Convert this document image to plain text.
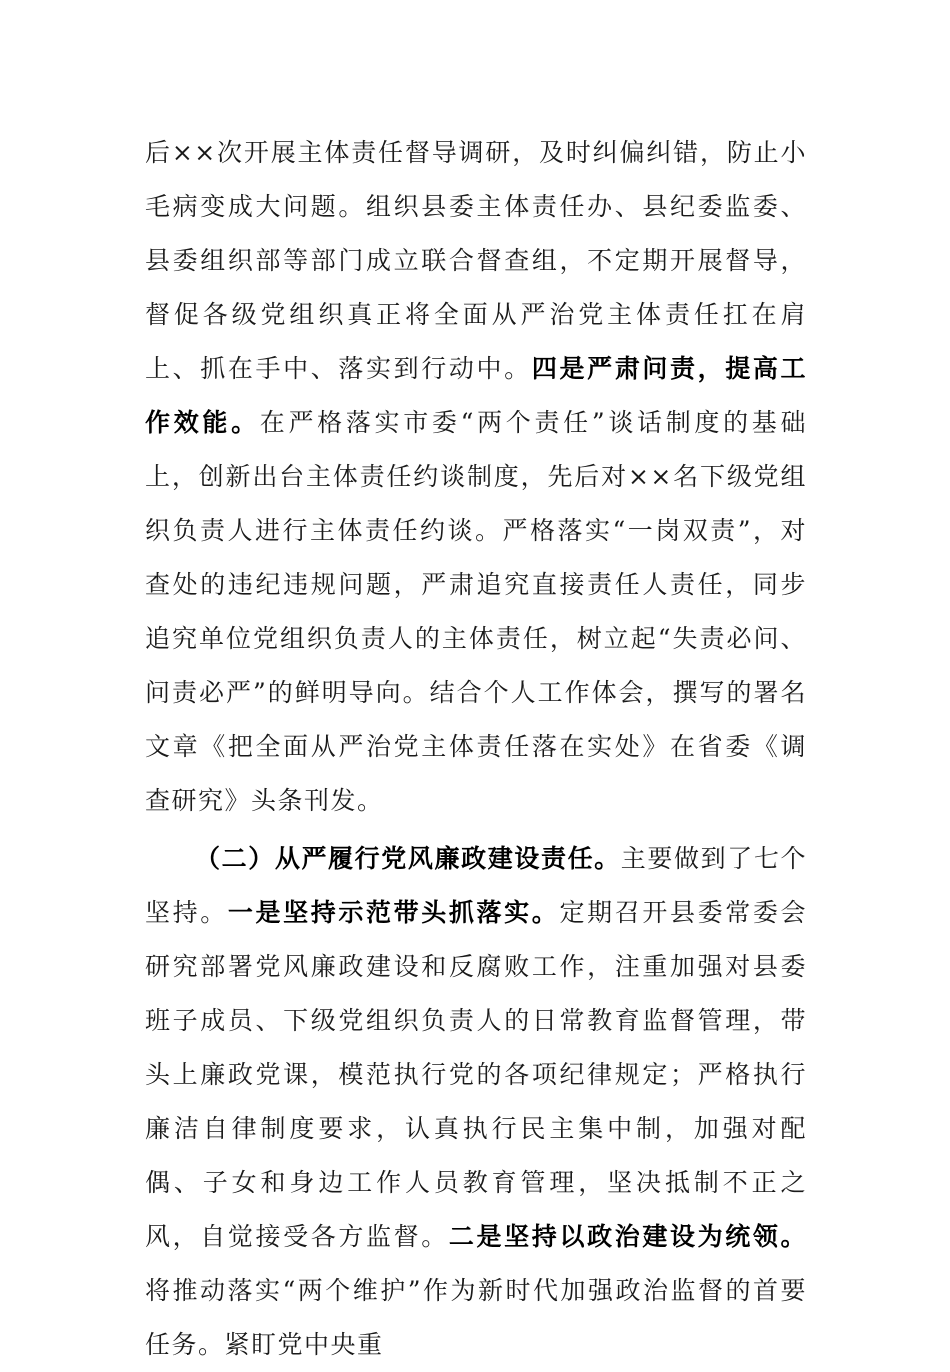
后××次开展主体责任督导调研，及时纠偏纠错，防止小毛病变成大问题。组织县委主体责任办、县纪委监委、县委组织部等部门成立联合督查组，不定期开展督导，督促各级党组织真正将全面从严治党主体责任扛在肩上、抓在手中、落实到行动中。四是严肃问责，提高工作效能。在严格落实市委“两个责任”谈话制度的基础上，创新出台主体责任约谈制度，先后对××名下级党组织负责人进行主体责任约谈。严格落实“一岗双责”，对查处的违纪违规问题，严肃追究直接责任人责任，同步追究单位党组织负责人的主体责任，树立起“失责必问、问责必严”的鲜明导向。结合个人工作体会，撰写的署名文章《把全面从严治党主体责任落在实处》在省委《调查研究》头条刊发。

（二）从严履行党风廉政建设责任。主要做到了七个坚持。一是坚持示范带头抓落实。定期召开县委常委会研究部署党风廉政建设和反腐败工作，注重加强对县委班子成员、下级党组织负责人的日常教育监督管理，带头上廉政党课，模范执行党的各项纪律规定；严格执行廉洁自律制度要求，认真执行民主集中制，加强对配偶、子女和身边工作人员教育管理，坚决抵制不正之风，自觉接受各方监督。二是坚持以政治建设为统领。将推动落实“两个维护”作为新时代加强政治监督的首要任务。紧盯党中央重
